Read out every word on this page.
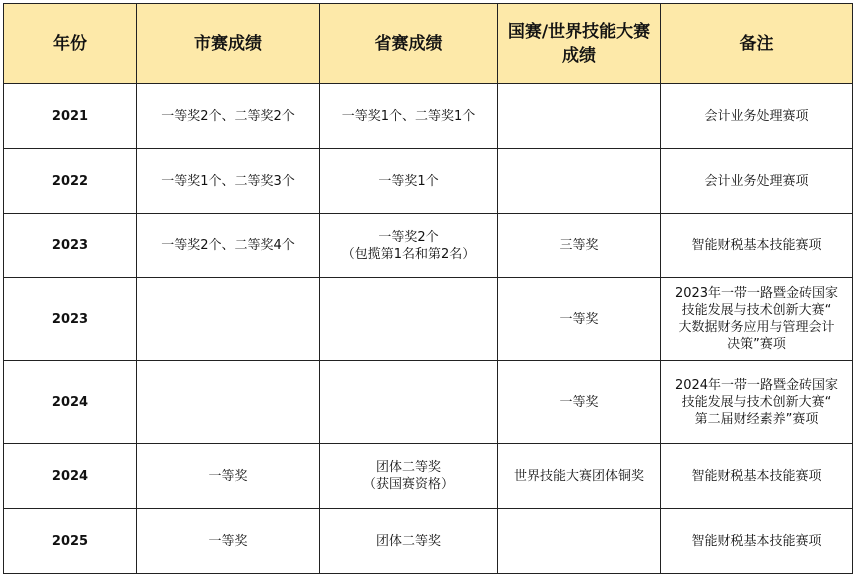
年份	市赛成绩	省赛成绩	国赛/世界技能大赛成绩	备注
2021	一等奖2个、二等奖2个	一等奖1个、二等奖1个		会计业务处理赛项

2022	一等奖1个、二等奖3个	一等奖1个		会计业务处理赛项

2023	一等奖2个、二等奖4个	一等奖2个
（包揽第1名和第2名）	三等奖	智能财税基本技能赛项

2023			一等奖	2023年一带一路暨金砖国家
技能发展与技术创新大赛“
大数据财务应用与管理会计
决策”赛项

2024			一等奖	2024年一带一路暨金砖国家
技能发展与技术创新大赛“
第二届财经素养”赛项

2024	一等奖	团体二等奖
（获国赛资格）	世界技能大赛团体铜奖	智能财税基本技能赛项

2025	一等奖	团体二等奖		智能财税基本技能赛项
